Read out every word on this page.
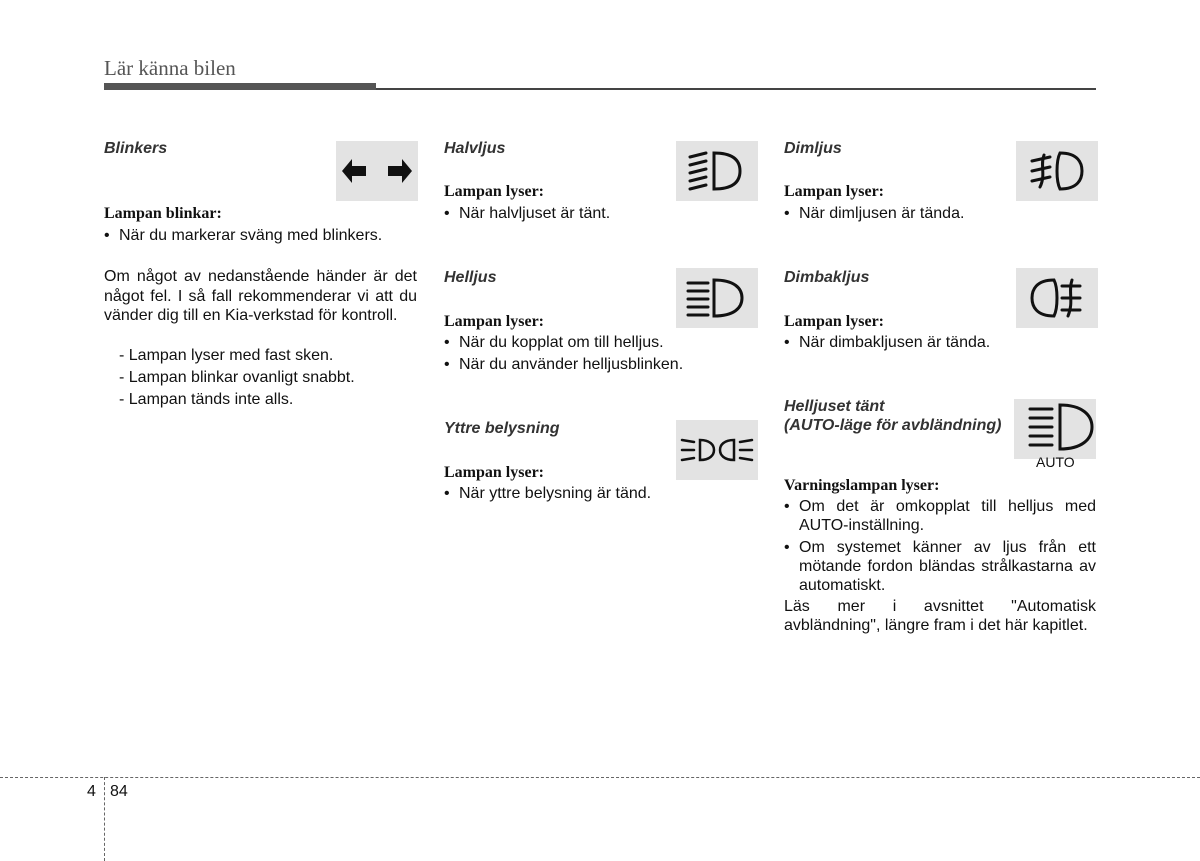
Lär känna bilen
Blinkers
Lampan blinkar:
• När du markerar sväng med blinkers.
Om något av nedanstående händer är det något fel. I så fall rekommenderar vi att du vänder dig till en Kia-verkstad för kontroll.
- Lampan lyser med fast sken.
- Lampan blinkar ovanligt snabbt.
- Lampan tänds inte alls.
Halvljus
Lampan lyser:
• När halvljuset är tänt.
Helljus
Lampan lyser:
• När du kopplat om till helljus.
• När du använder helljusblinken.
Yttre belysning
Lampan lyser:
• När yttre belysning är tänd.
Dimljus
Lampan lyser:
• När dimljusen är tända.
Dimbakljus
Lampan lyser:
• När dimbakljusen är tända.
Helljuset tänt
(AUTO-läge för avbländning)
AUTO
Varningslampan lyser:
• Om det är omkopplat till helljus med AUTO-inställning.
• Om systemet känner av ljus från ett mötande fordon bländas strålkastarna av automatiskt.
Läs mer i avsnittet "Automatisk avbländning", längre fram i det här kapitlet.
4 84
